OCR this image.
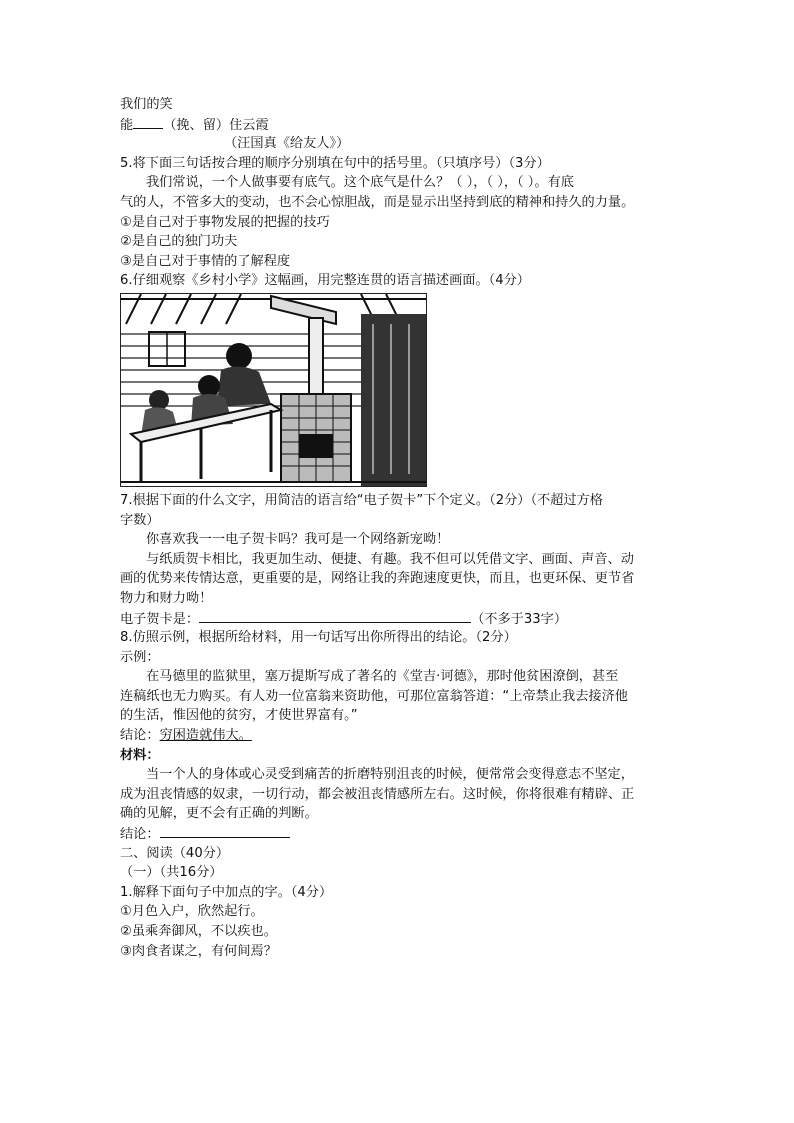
我们的笑
能 （挽、留）住云霞
（汪国真《给友人》）
5.将下面三句话按合理的顺序分别填在句中的括号里。（只填序号）（3分）
我们常说，一个人做事要有底气。这个底气是什么？（ ），（ ），（ ）。有底
气的人，不管多大的变动，也不会心惊胆战，而是显示出坚持到底的精神和持久的力量。
①是自己对于事物发展的把握的技巧
②是自己的独门功夫
③是自己对于事情的了解程度
6.仔细观察《乡村小学》这幅画，用完整连贯的语言描述画面。（4分）
7.根据下面的什么文字，用简洁的语言给“电子贺卡”下个定义。（2分）（不超过方格
字数）
你喜欢我一一电子贺卡吗？我可是一个网络新宠呦！
与纸质贺卡相比，我更加生动、便捷、有趣。我不但可以凭借文字、画面、声音、动
画的优势来传情达意，更重要的是，网络让我的奔跑速度更快，而且，也更环保、更节省
物力和财力呦！
电子贺卡是：	（不多于33字）
8.仿照示例，根据所给材料，用一句话写出你所得出的结论。（2分）
示例：
在马德里的监狱里，塞万提斯写成了著名的《堂吉·诃德》，那时他贫困潦倒，甚至
连稿纸也无力购买。有人劝一位富翁来资助他，可那位富翁答道：“上帝禁止我去接济他
的生活，惟因他的贫穷，才使世界富有。”
结论：穷困造就伟大。
材料：
当一个人的身体或心灵受到痛苦的折磨特别沮丧的时候，便常常会变得意志不坚定，
成为沮丧情感的奴隶，一切行动，都会被沮丧情感所左右。这时候，你将很难有精辟、正
确的见解，更不会有正确的判断。
结论：
二、阅读（40分）
（一）（共16分）
1.解释下面句子中加点的字。（4分）
①月色入户，欣然起行。
②虽乘奔御风，不以疾也。
③肉食者谋之，有何间焉？
